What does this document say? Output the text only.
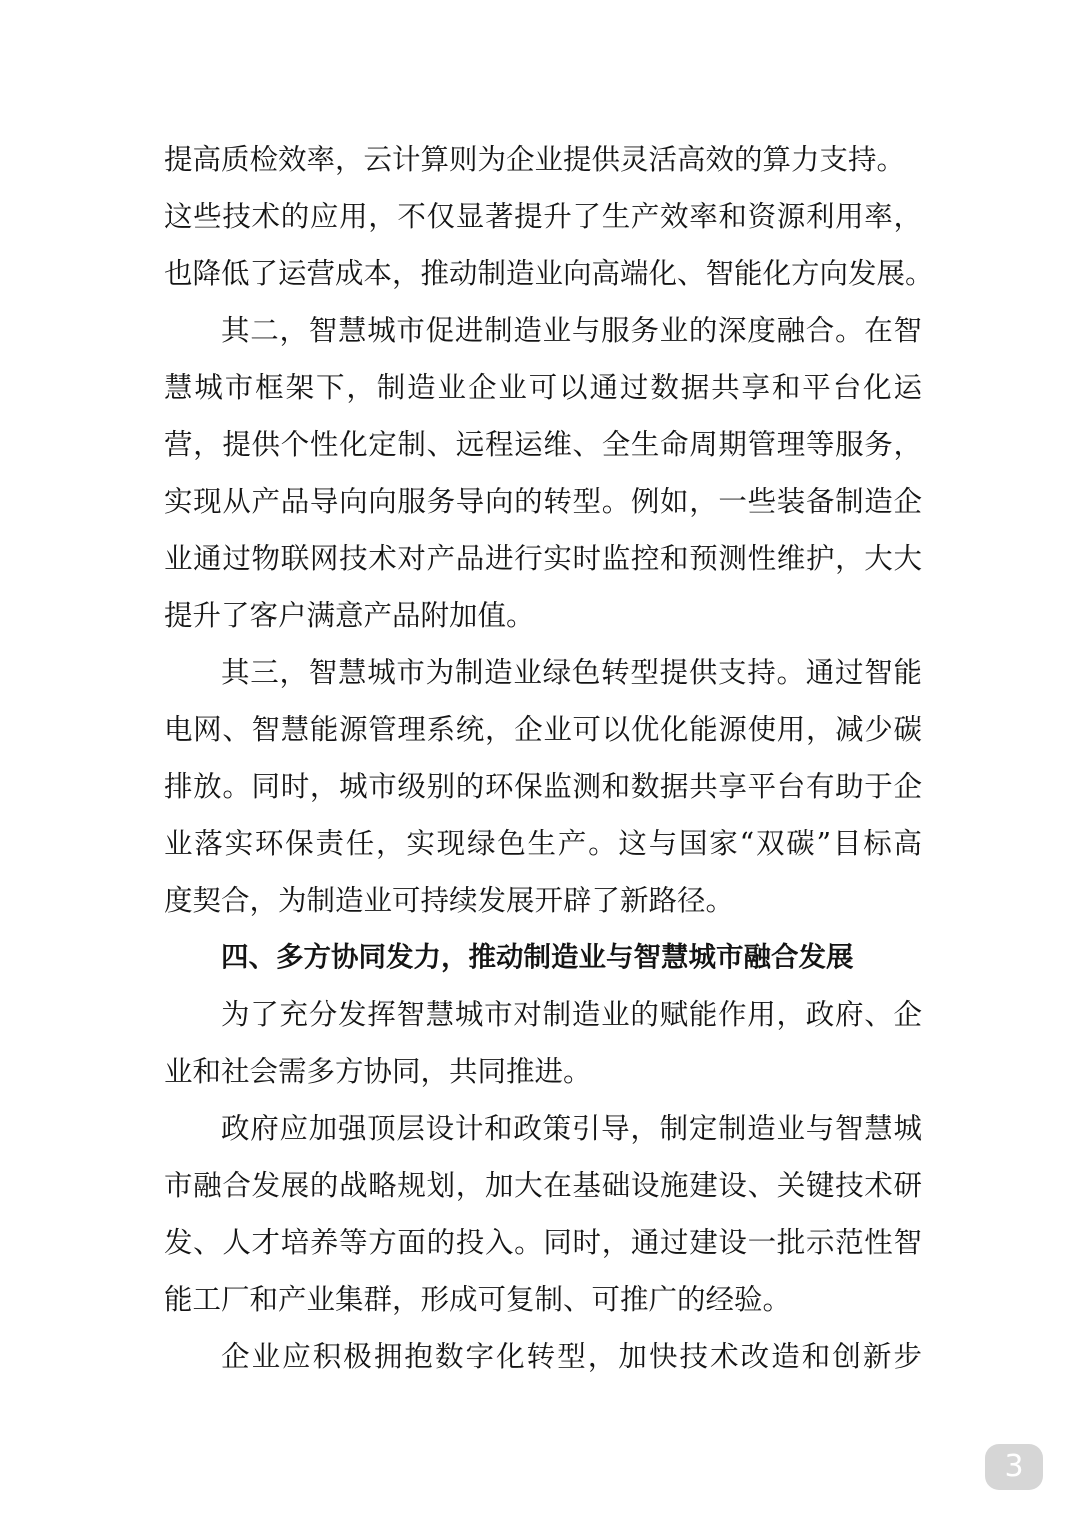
提高质检效率，云计算则为企业提供灵活高效的算力支持。
这些技术的应用，不仅显著提升了生产效率和资源利用率，
也降低了运营成本，推动制造业向高端化、智能化方向发展。
其二，智慧城市促进制造业与服务业的深度融合。在智
慧城市框架下，制造业企业可以通过数据共享和平台化运
营，提供个性化定制、远程运维、全生命周期管理等服务，
实现从产品导向向服务导向的转型。例如，一些装备制造企
业通过物联网技术对产品进行实时监控和预测性维护，大大
提升了客户满意产品附加值。
其三，智慧城市为制造业绿色转型提供支持。通过智能
电网、智慧能源管理系统，企业可以优化能源使用，减少碳
排放。同时，城市级别的环保监测和数据共享平台有助于企
业落实环保责任，实现绿色生产。这与国家“双碳”目标高
度契合，为制造业可持续发展开辟了新路径。
四、多方协同发力，推动制造业与智慧城市融合发展
为了充分发挥智慧城市对制造业的赋能作用，政府、企
业和社会需多方协同，共同推进。
政府应加强顶层设计和政策引导，制定制造业与智慧城
市融合发展的战略规划，加大在基础设施建设、关键技术研
发、人才培养等方面的投入。同时，通过建设一批示范性智
能工厂和产业集群，形成可复制、可推广的经验。
企业应积极拥抱数字化转型，加快技术改造和创新步
3
